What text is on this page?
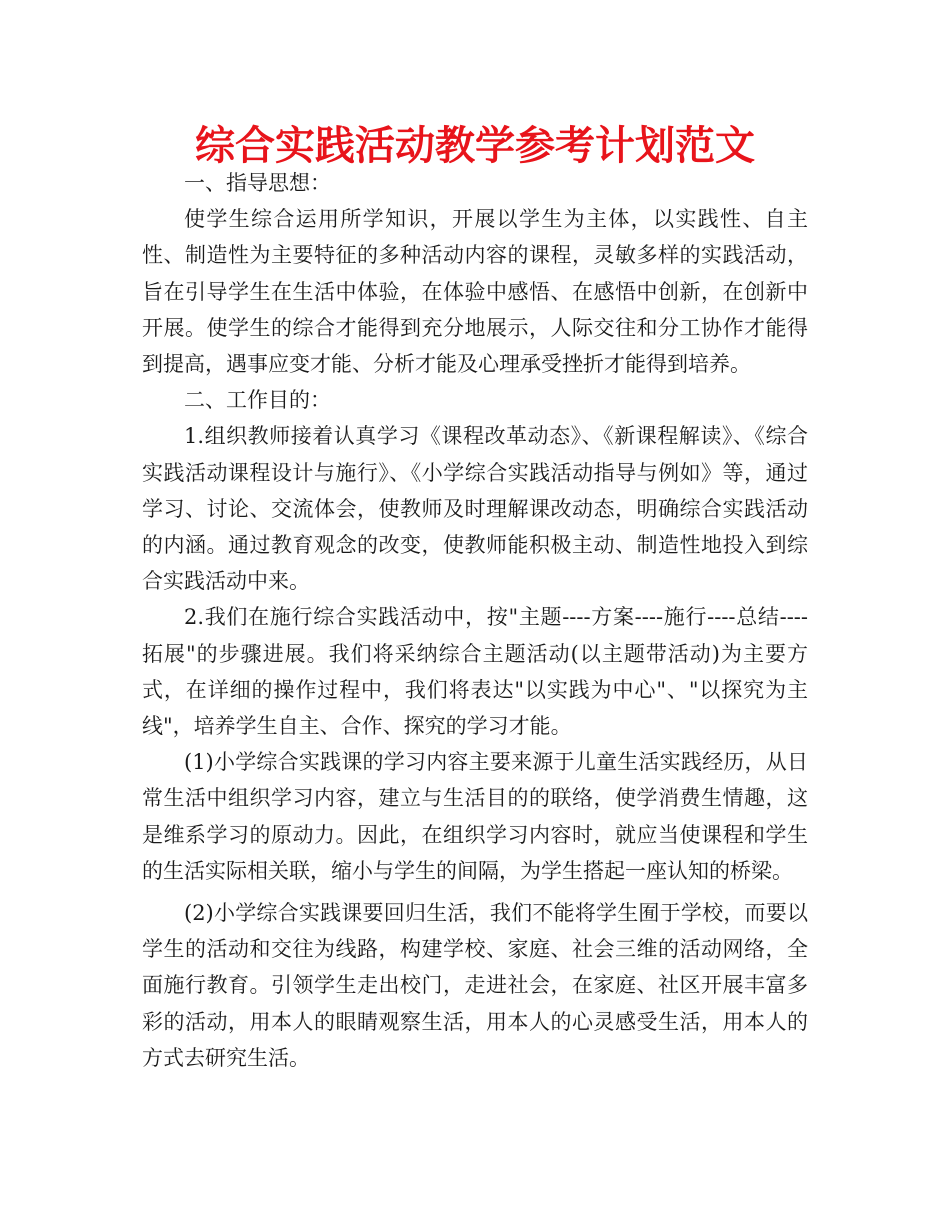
综合实践活动教学参考计划范文

一、指导思想：

使学生综合运用所学知识，开展以学生为主体，以实践性、自主性、制造性为主要特征的多种活动内容的课程，灵敏多样的实践活动，旨在引导学生在生活中体验，在体验中感悟、在感悟中创新，在创新中开展。使学生的综合才能得到充分地展示，人际交往和分工协作才能得到提高，遇事应变才能、分析才能及心理承受挫折才能得到培养。

二、工作目的：

1.组织教师接着认真学习《课程改革动态》、《新课程解读》、《综合实践活动课程设计与施行》、《小学综合实践活动指导与例如》等，通过学习、讨论、交流体会，使教师及时理解课改动态，明确综合实践活动的内涵。通过教育观念的改变，使教师能积极主动、制造性地投入到综合实践活动中来。

2.我们在施行综合实践活动中，按"主题----方案----施行----总结----拓展"的步骤进展。我们将采纳综合主题活动(以主题带活动)为主要方式，在详细的操作过程中，我们将表达"以实践为中心"、"以探究为主线"，培养学生自主、合作、探究的学习才能。

(1)小学综合实践课的学习内容主要来源于儿童生活实践经历，从日常生活中组织学习内容，建立与生活目的的联络，使学消费生情趣，这是维系学习的原动力。因此，在组织学习内容时，就应当使课程和学生的生活实际相关联，缩小与学生的间隔，为学生搭起一座认知的桥梁。

(2)小学综合实践课要回归生活，我们不能将学生囿于学校，而要以学生的活动和交往为线路，构建学校、家庭、社会三维的活动网络，全面施行教育。引领学生走出校门，走进社会，在家庭、社区开展丰富多彩的活动，用本人的眼睛观察生活，用本人的心灵感受生活，用本人的方式去研究生活。
